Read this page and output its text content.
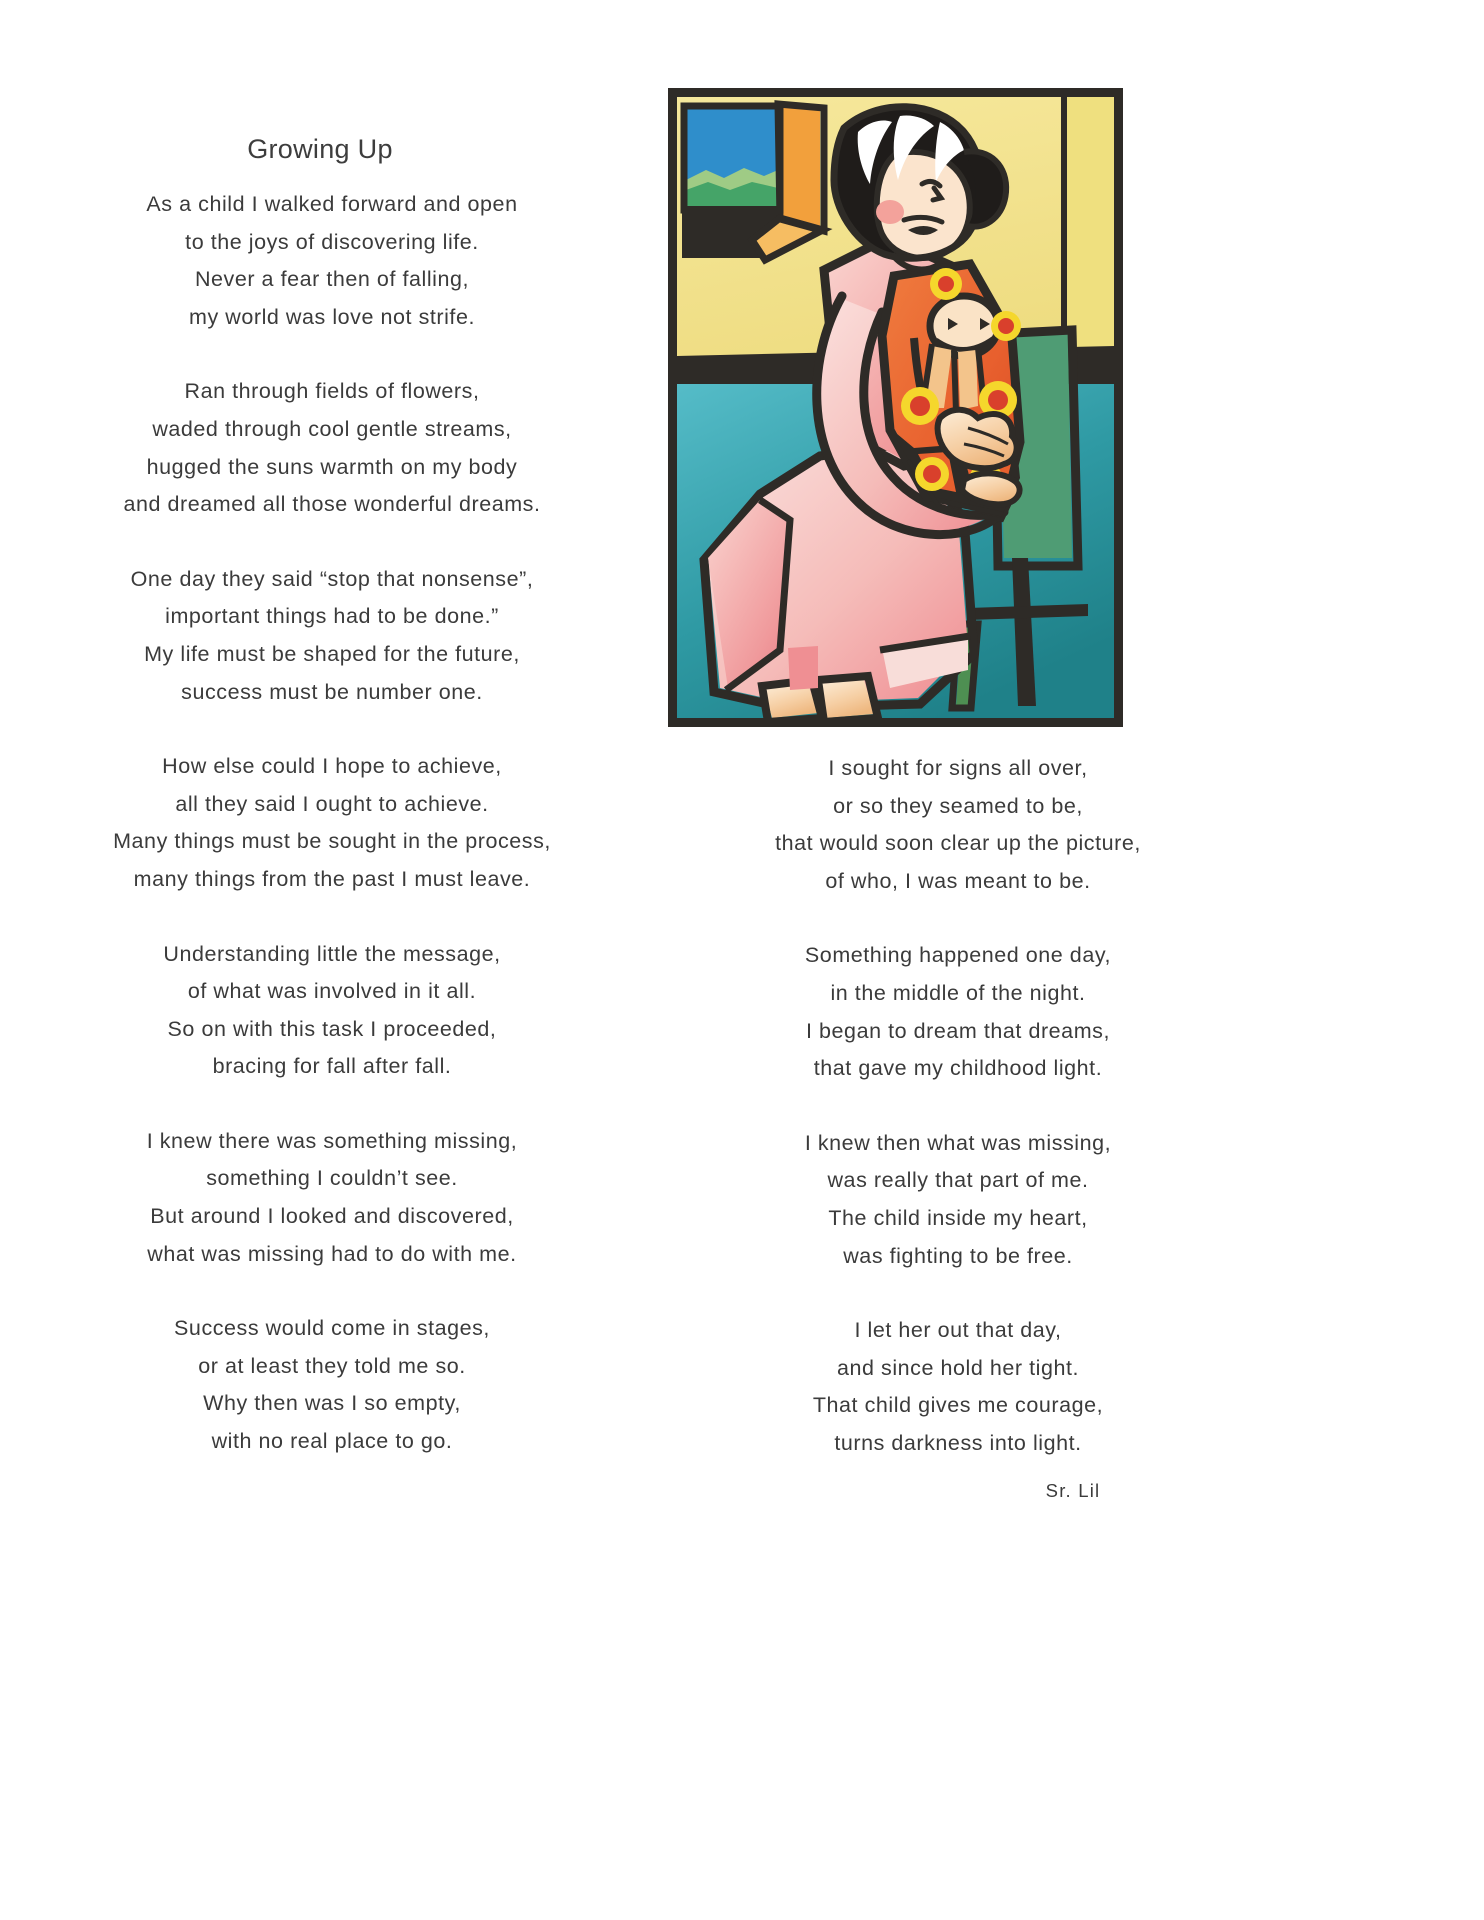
Growing Up
As a child I walked forward and open
to the joys of discovering life.
Never a fear then of falling,
my world was love not strife.
Ran through fields of flowers,
waded through cool gentle streams,
hugged the suns warmth on my body
and dreamed all those wonderful dreams.
One day they said “stop that nonsense”,
important things had to be done.”
My life must be shaped for the future,
success must be number one.
How else could I hope to achieve,
all they said I ought to achieve.
Many things must be sought in the process,
many things from the past I must leave.
Understanding little the message,
of what was involved in it all.
So on with this task I proceeded,
bracing for fall after fall.
I knew there was something missing,
something I couldn’t see.
But around I looked and discovered,
what was missing had to do with me.
Success would come in stages,
or at least they told me so.
Why then was I so empty,
with no real place to go.
I sought for signs all over,
or so they seamed to be,
that would soon clear up the picture,
of who, I was meant to be.
Something happened one day,
in the middle of the night.
I began to dream that dreams,
that gave my childhood light.
I knew then what was missing,
was really that part of me.
The child inside my heart,
was fighting to be free.
I let her out that day,
and since hold her tight.
That child gives me courage,
turns darkness into light.
Sr. Lil
